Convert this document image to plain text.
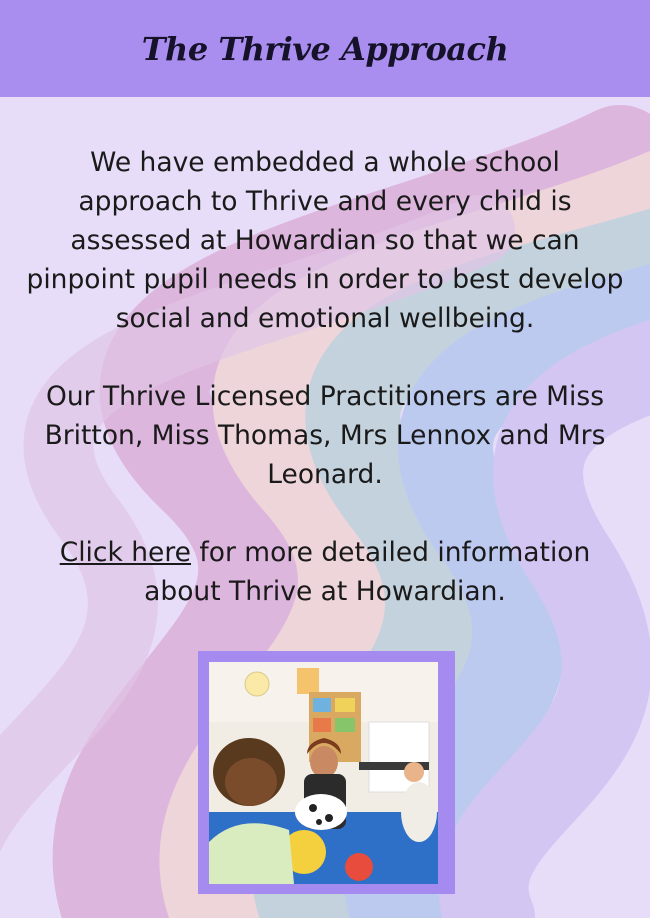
The Thrive Approach

We have embedded a whole school approach to Thrive and every child is assessed at Howardian so that we can pinpoint pupil needs in order to best develop social and emotional wellbeing.

Our Thrive Licensed Practitioners are Miss Britton, Miss Thomas, Mrs Lennox and Mrs Leonard.

Click here for more detailed information about Thrive at Howardian.
